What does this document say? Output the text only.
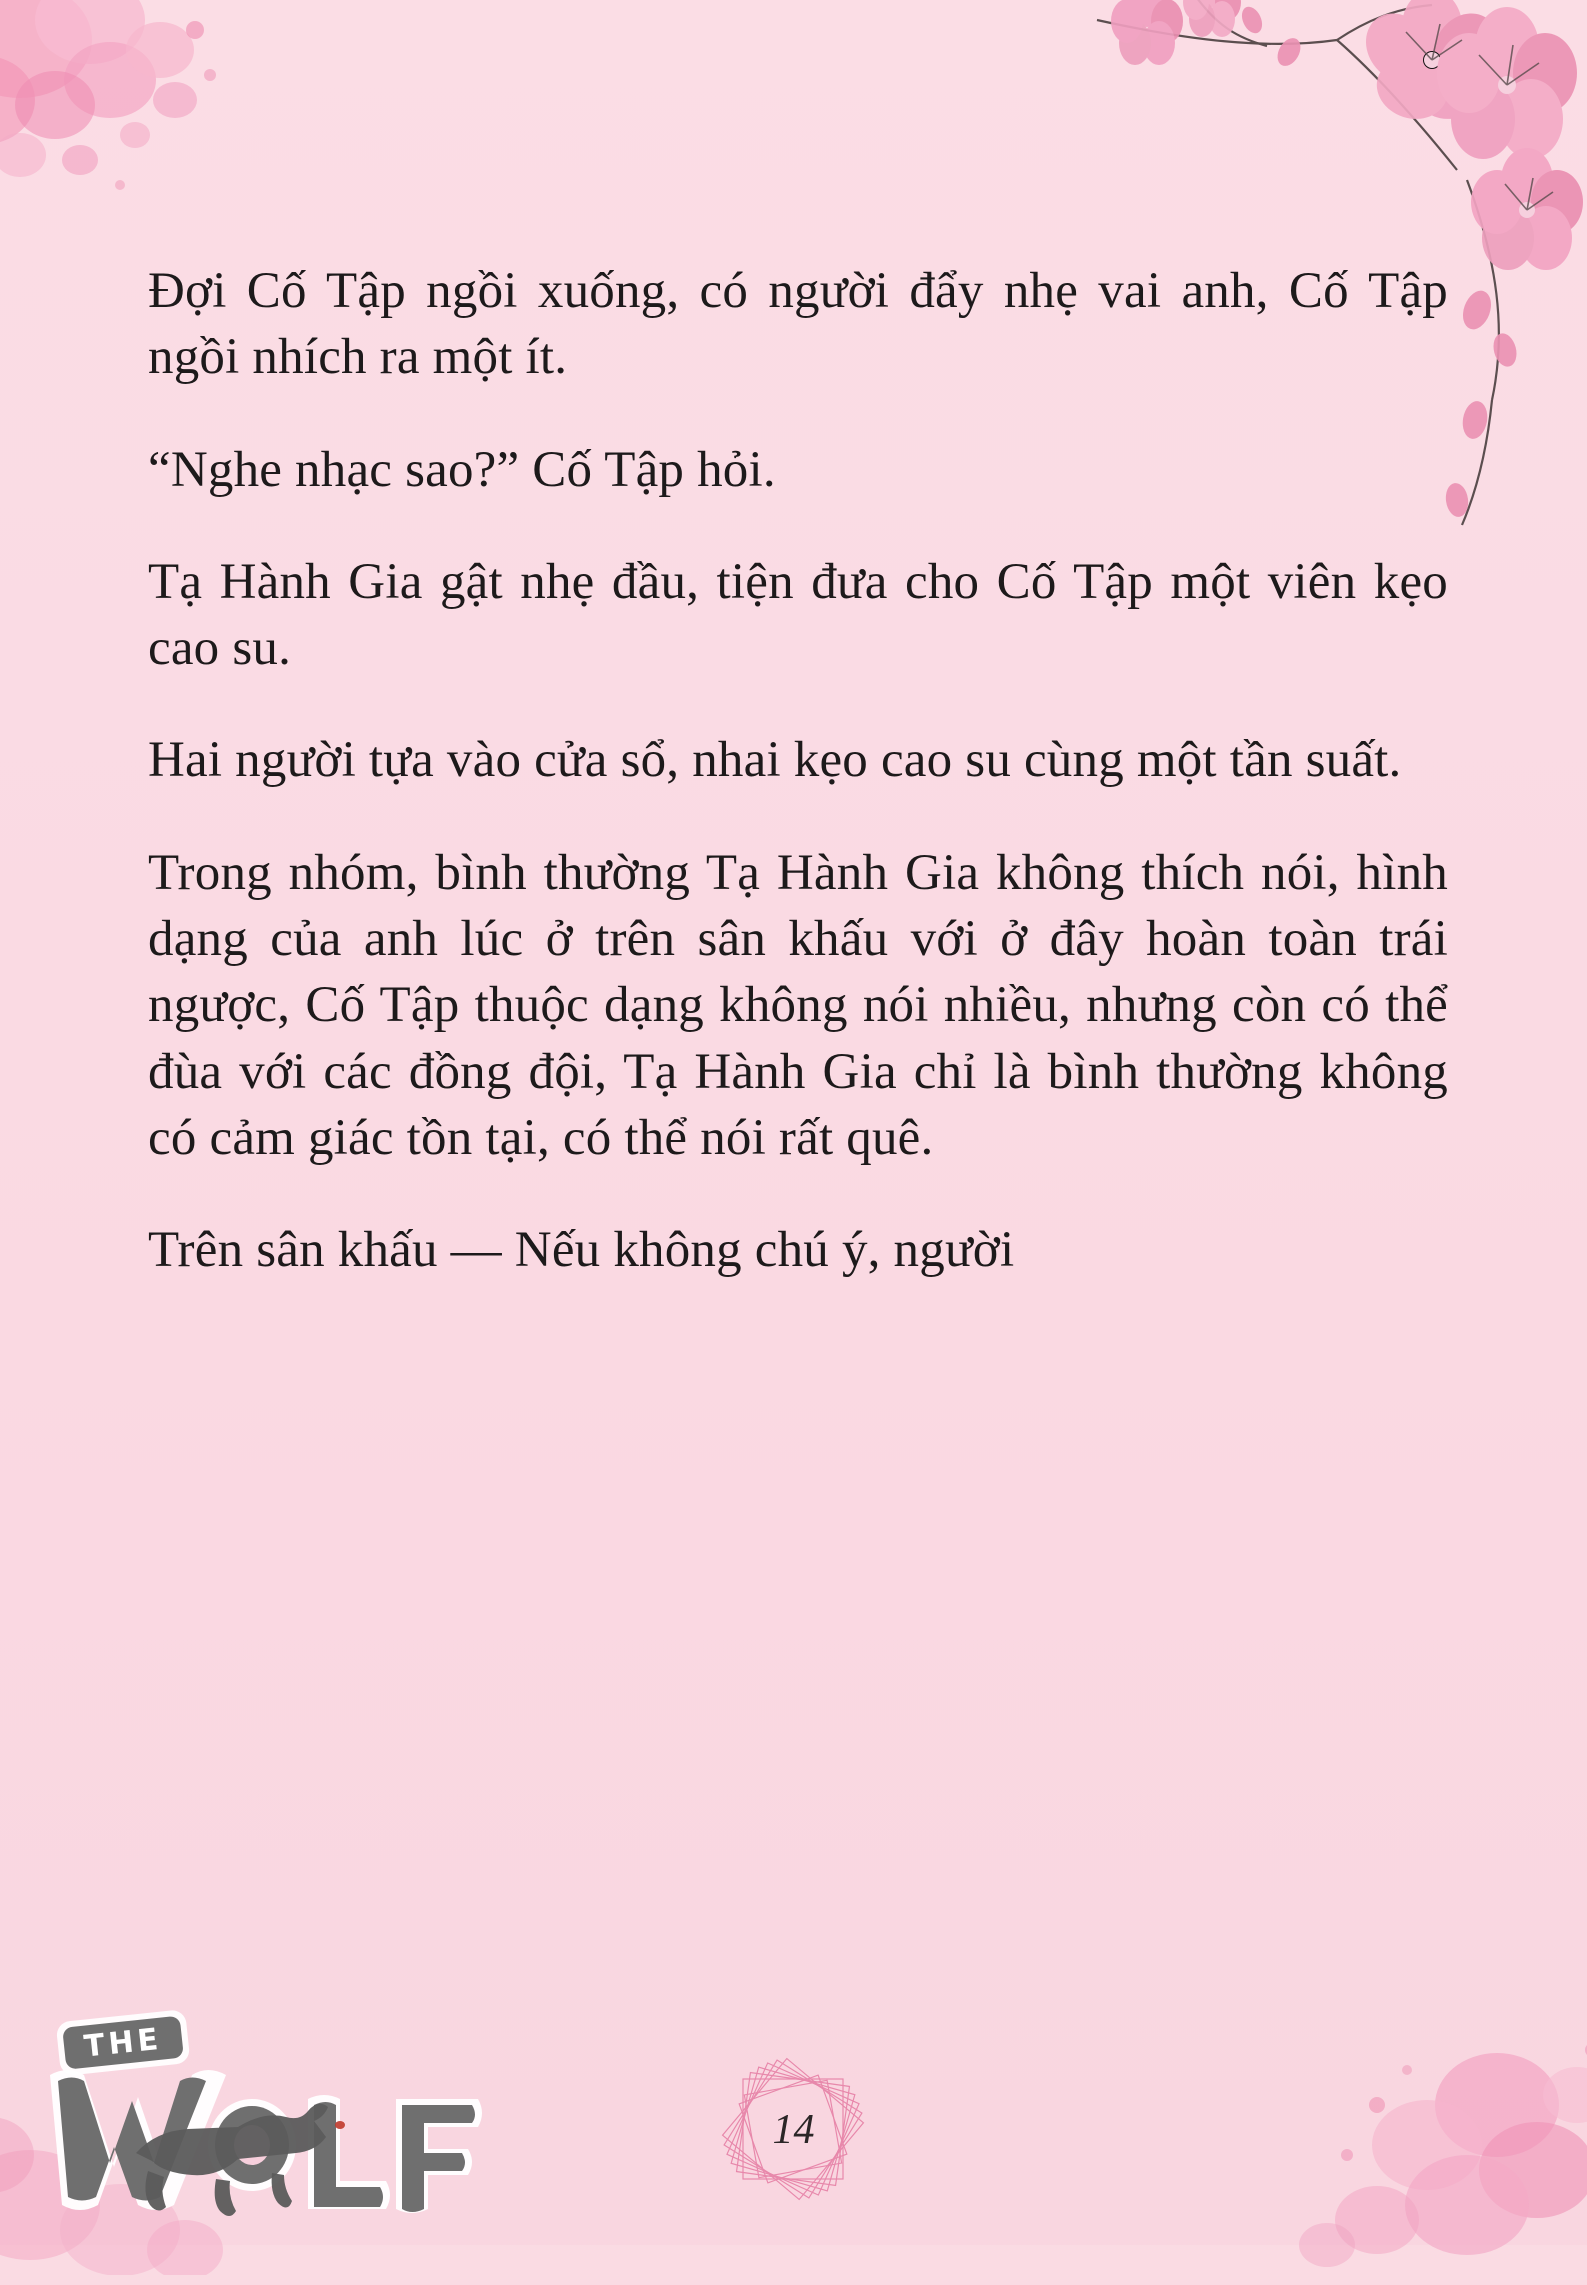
Đợi Cố Tập ngồi xuống, có người đẩy nhẹ vai anh, Cố Tập ngồi nhích ra một ít.

“Nghe nhạc sao?” Cố Tập hỏi.

Tạ Hành Gia gật nhẹ đầu, tiện đưa cho Cố Tập một viên kẹo cao su.

Hai người tựa vào cửa sổ, nhai kẹo cao su cùng một tần suất.

Trong nhóm, bình thường Tạ Hành Gia không thích nói, hình dạng của anh lúc ở trên sân khấu với ở đây hoàn toàn trái ngược, Cố Tập thuộc dạng không nói nhiều, nhưng còn có thể đùa với các đồng đội, Tạ Hành Gia chỉ là bình thường không có cảm giác tồn tại, có thể nói rất quê.

Trên sân khấu — Nếu không chú ý, người

THE
14
